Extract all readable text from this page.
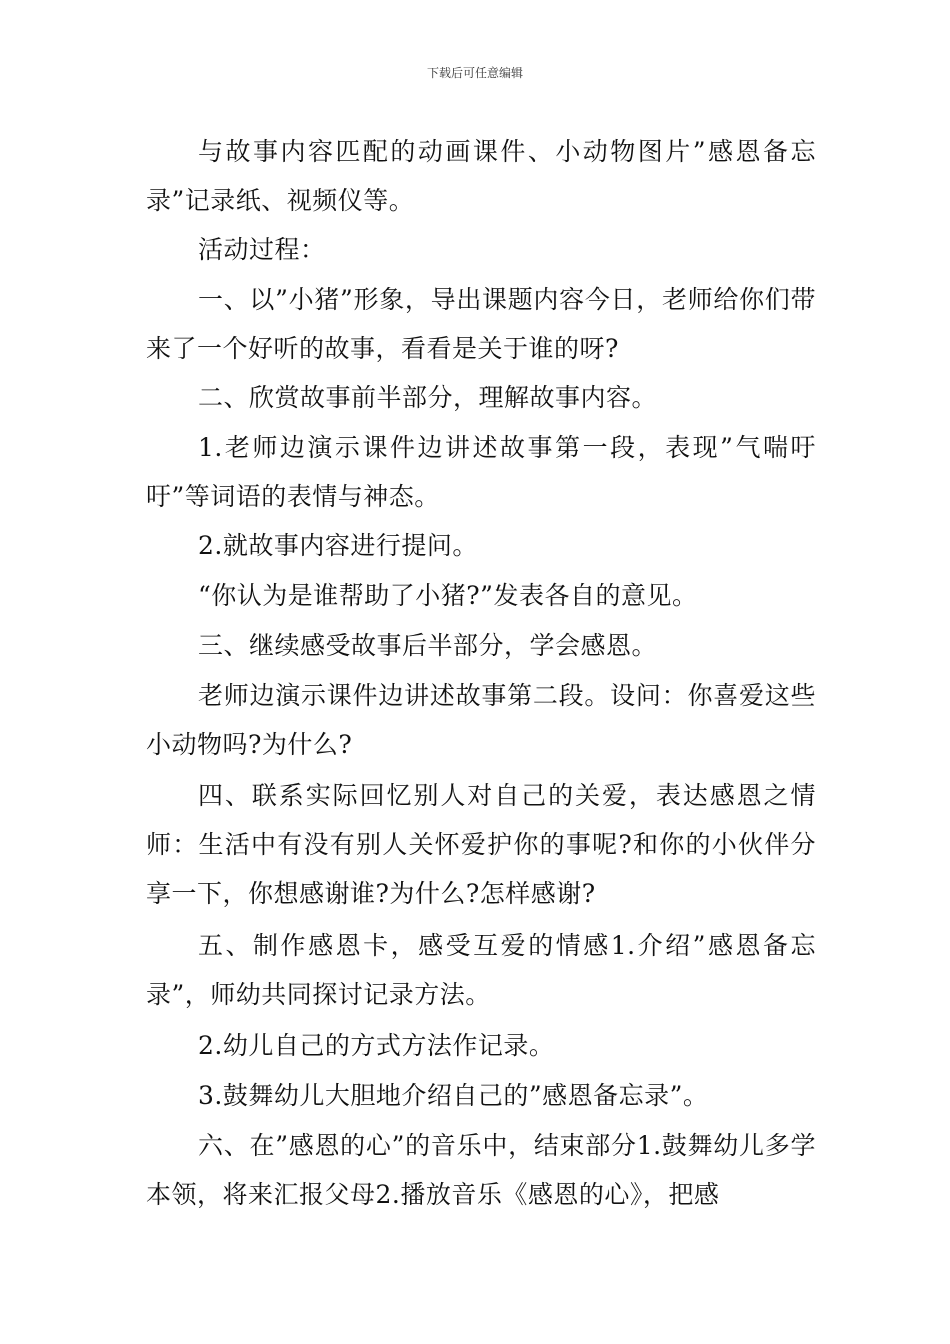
下载后可任意编辑

与故事内容匹配的动画课件、小动物图片”感恩备忘录”记录纸、视频仪等。

活动过程：

一、以”小猪”形象，导出课题内容今日，老师给你们带来了一个好听的故事，看看是关于谁的呀?

二、欣赏故事前半部分，理解故事内容。

1.老师边演示课件边讲述故事第一段，表现”气喘吁吁”等词语的表情与神态。

2.就故事内容进行提问。

“你认为是谁帮助了小猪?”发表各自的意见。

三、继续感受故事后半部分，学会感恩。

老师边演示课件边讲述故事第二段。设问：你喜爱这些小动物吗?为什么?

四、联系实际回忆别人对自己的关爱，表达感恩之情师：生活中有没有别人关怀爱护你的事呢?和你的小伙伴分享一下，你想感谢谁?为什么?怎样感谢?

五、制作感恩卡，感受互爱的情感1.介绍”感恩备忘录”，师幼共同探讨记录方法。

2.幼儿自己的方式方法作记录。

3.鼓舞幼儿大胆地介绍自己的”感恩备忘录”。

六、在”感恩的心”的音乐中，结束部分1.鼓舞幼儿多学本领，将来汇报父母2.播放音乐《感恩的心》，把感
